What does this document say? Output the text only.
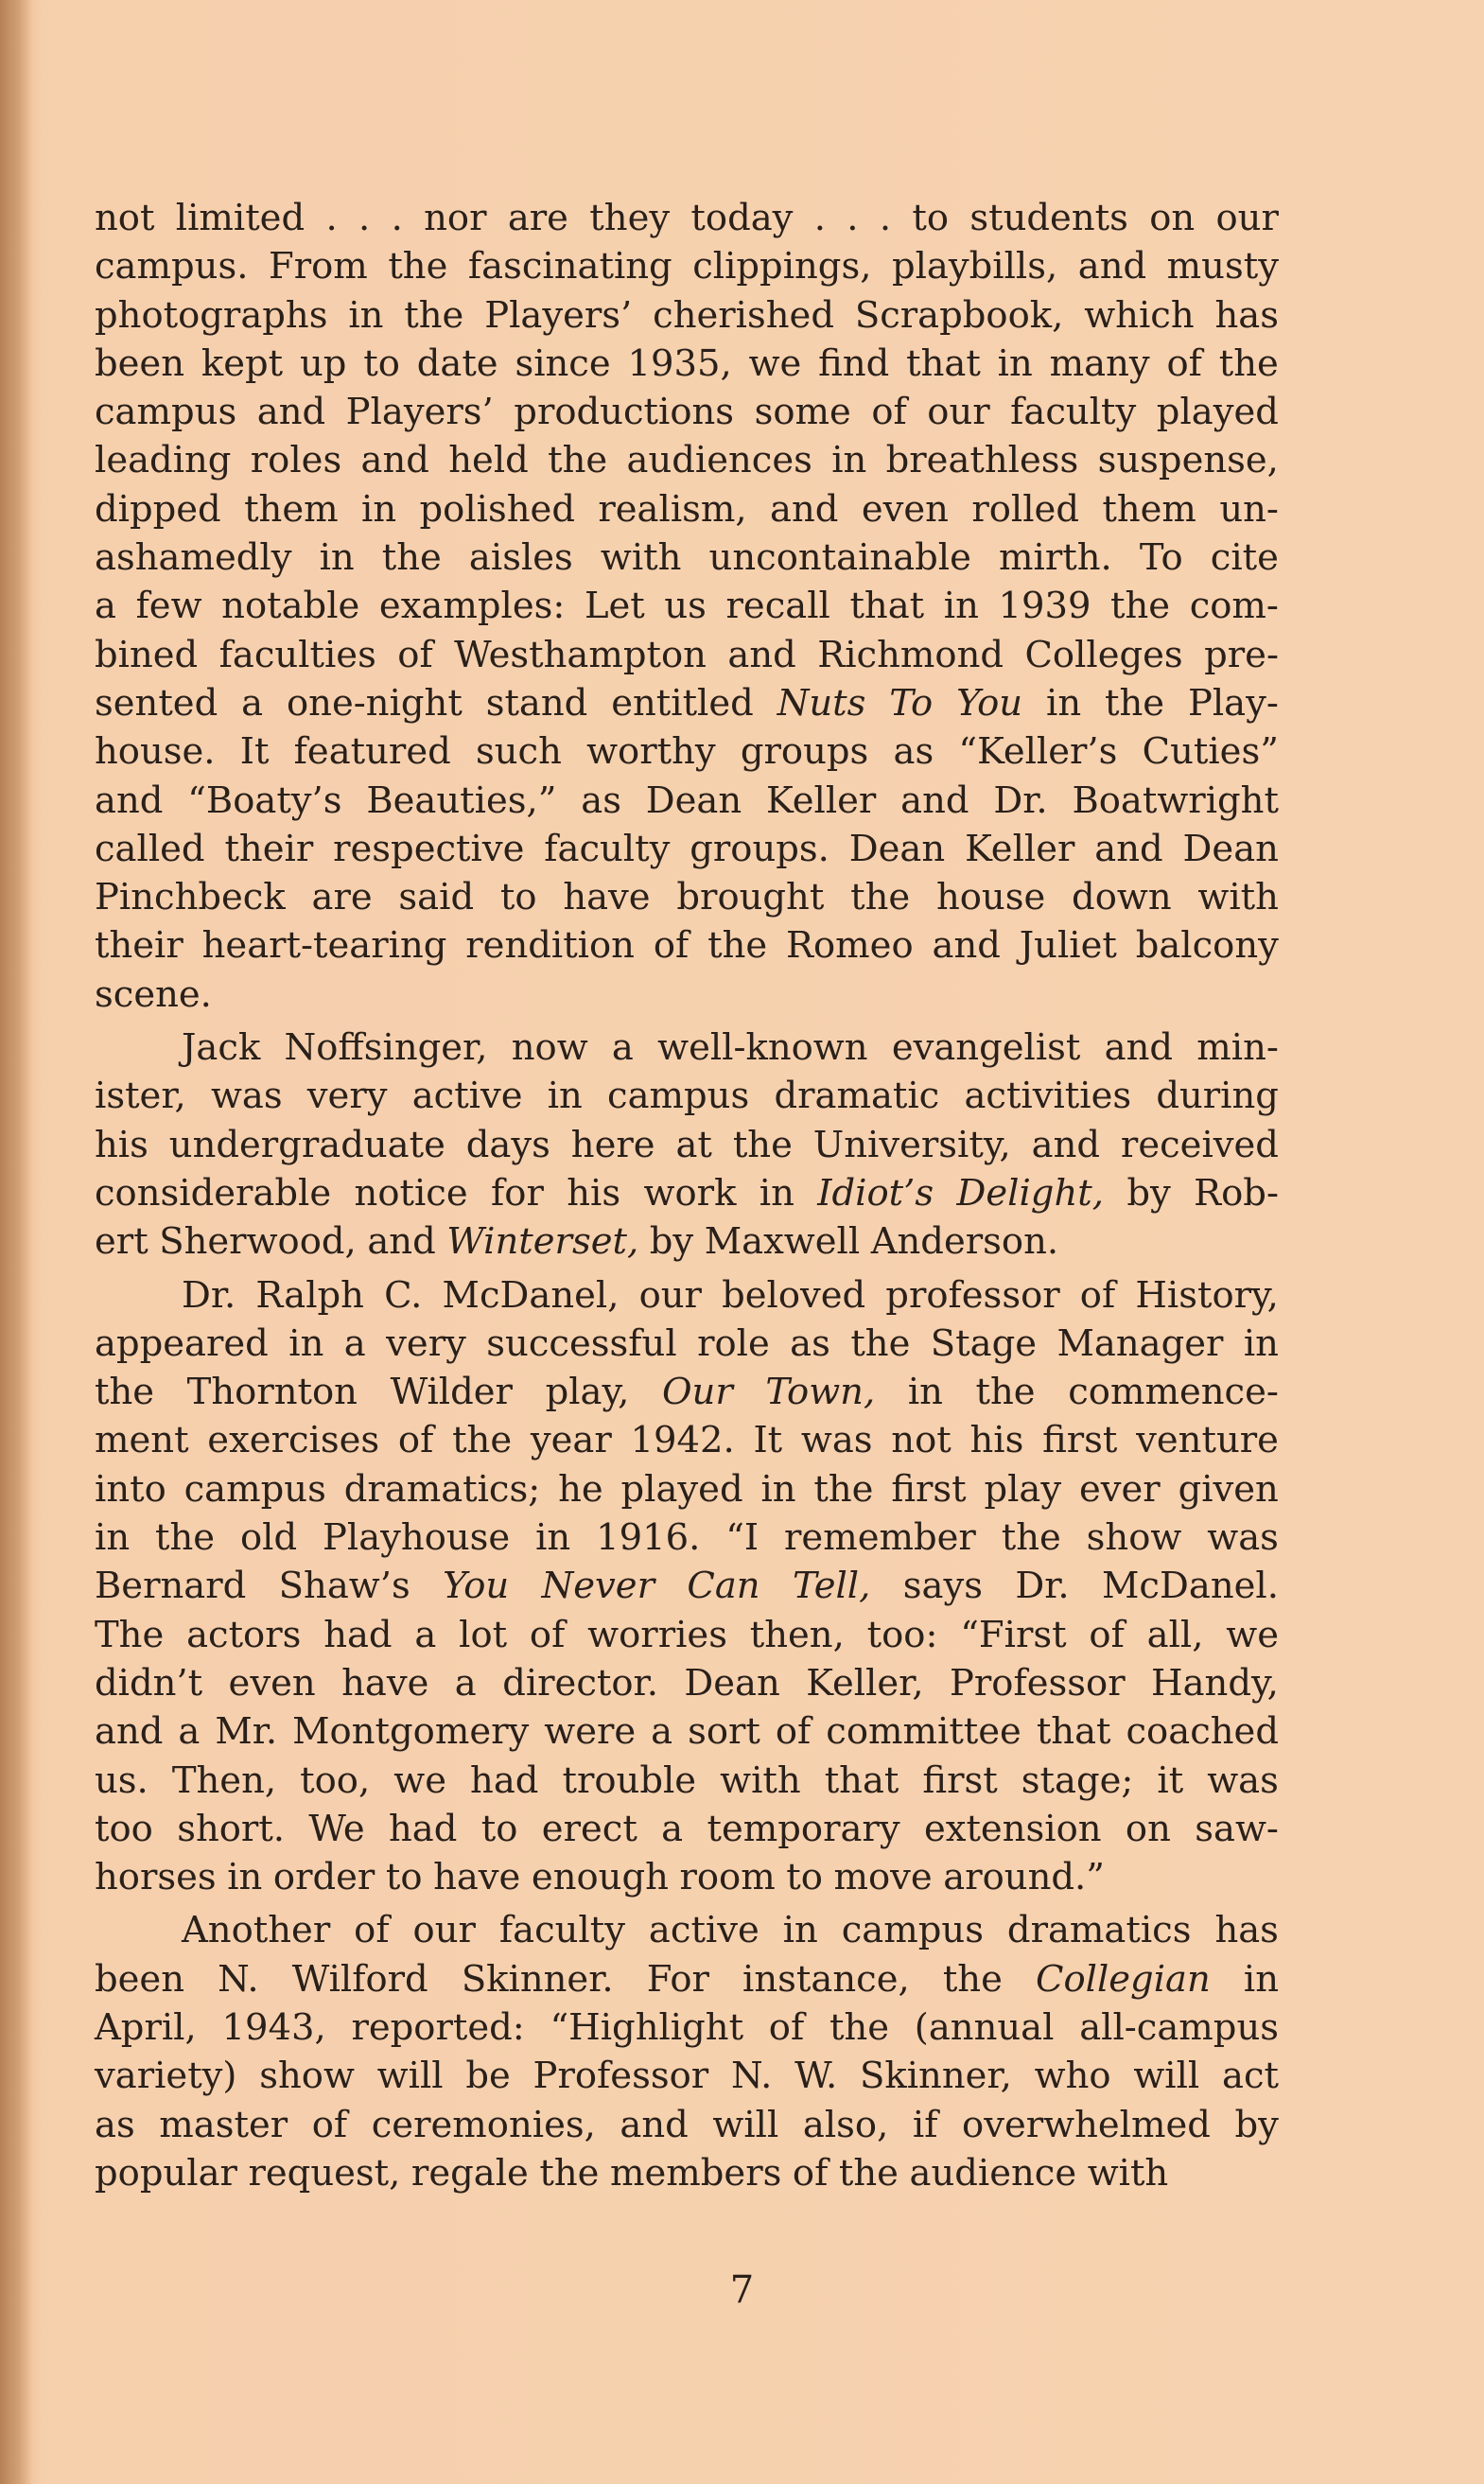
not limited . . . nor are they today . . . to students on our
campus. From the fascinating clippings, playbills, and musty
photographs in the Players’ cherished Scrapbook, which has
been kept up to date since 1935, we find that in many of the
campus and Players’ productions some of our faculty played
leading roles and held the audiences in breathless suspense,
dipped them in polished realism, and even rolled them un-
ashamedly in the aisles with uncontainable mirth. To cite
a few notable examples: Let us recall that in 1939 the com-
bined faculties of Westhampton and Richmond Colleges pre-
sented a one-night stand entitled Nuts To You in the Play-
house. It featured such worthy groups as “Keller’s Cuties”
and “Boaty’s Beauties,” as Dean Keller and Dr. Boatwright
called their respective faculty groups. Dean Keller and Dean
Pinchbeck are said to have brought the house down with
their heart-tearing rendition of the Romeo and Juliet balcony
scene.
Jack Noffsinger, now a well-known evangelist and min-
ister, was very active in campus dramatic activities during
his undergraduate days here at the University, and received
considerable notice for his work in Idiot’s Delight, by Rob-
ert Sherwood, and Winterset, by Maxwell Anderson.
Dr. Ralph C. McDanel, our beloved professor of History,
appeared in a very successful role as the Stage Manager in
the Thornton Wilder play, Our Town, in the commence-
ment exercises of the year 1942. It was not his first venture
into campus dramatics; he played in the first play ever given
in the old Playhouse in 1916. “I remember the show was
Bernard Shaw’s You Never Can Tell, says Dr. McDanel.
The actors had a lot of worries then, too: “First of all, we
didn’t even have a director. Dean Keller, Professor Handy,
and a Mr. Montgomery were a sort of committee that coached
us. Then, too, we had trouble with that first stage; it was
too short. We had to erect a temporary extension on saw-
horses in order to have enough room to move around.”
Another of our faculty active in campus dramatics has
been N. Wilford Skinner. For instance, the Collegian in
April, 1943, reported: “Highlight of the (annual all-campus
variety) show will be Professor N. W. Skinner, who will act
as master of ceremonies, and will also, if overwhelmed by
popular request, regale the members of the audience with
7
